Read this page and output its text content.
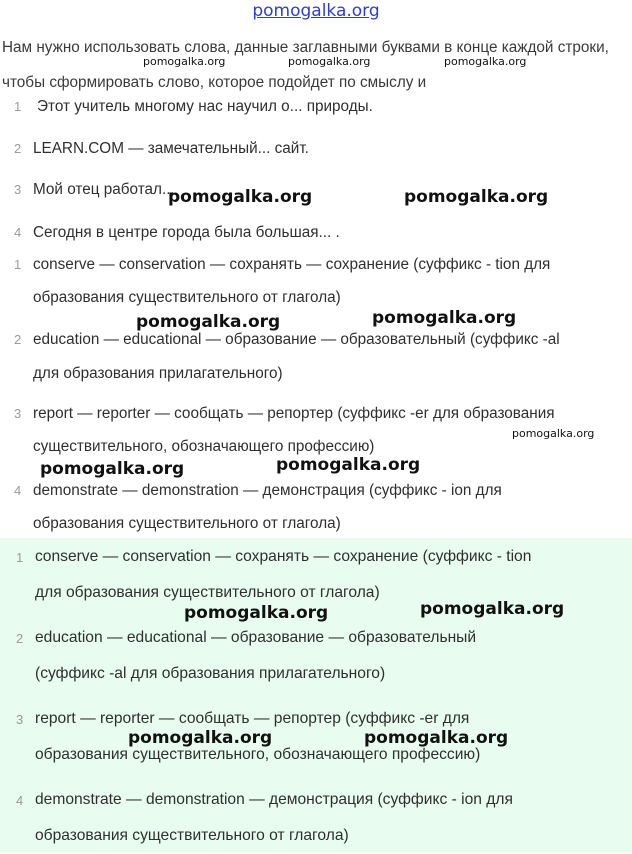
pomogalka.org
Нам нужно использовать слова, данные заглавными буквами в конце каждой строки, чтобы сформировать слово, которое подойдет по смыслу и
1 Этот учитель многому нас научил о... природы.
2 LEARN.COM — замечательный... сайт.
3 Мой отец работал...
4 Сегодня в центре города была большая... .
1 conserve — conservation — сохранять — сохранение (суффикс - tion для
образования существительного от глагола)
2 education — educational — образование — образовательный (суффикс -al
для образования прилагательного)
3 report — reporter — сообщать — репортер (суффикс -er для образования
существительного, обозначающего профессию)
4 demonstrate — demonstration — демонстрация (суффикс - ion для
образования существительного от глагола)
1 conserve — conservation — сохранять — сохранение (суффикс - tion
для образования существительного от глагола)
2 education — educational — образование — образовательный
(суффикс -al для образования прилагательного)
3 report — reporter — сообщать — репортер (суффикс -er для
образования существительного, обозначающего профессию)
4 demonstrate — demonstration — демонстрация (суффикс - ion для
образования существительного от глагола)
pomogalka.org	pomogalka.org	pomogalka.org
pomogalka.org	pomogalka.org
pomogalka.org	pomogalka.org
pomogalka.org
pomogalka.org	pomogalka.org
pomogalka.org	pomogalka.org
pomogalka.org	pomogalka.org
